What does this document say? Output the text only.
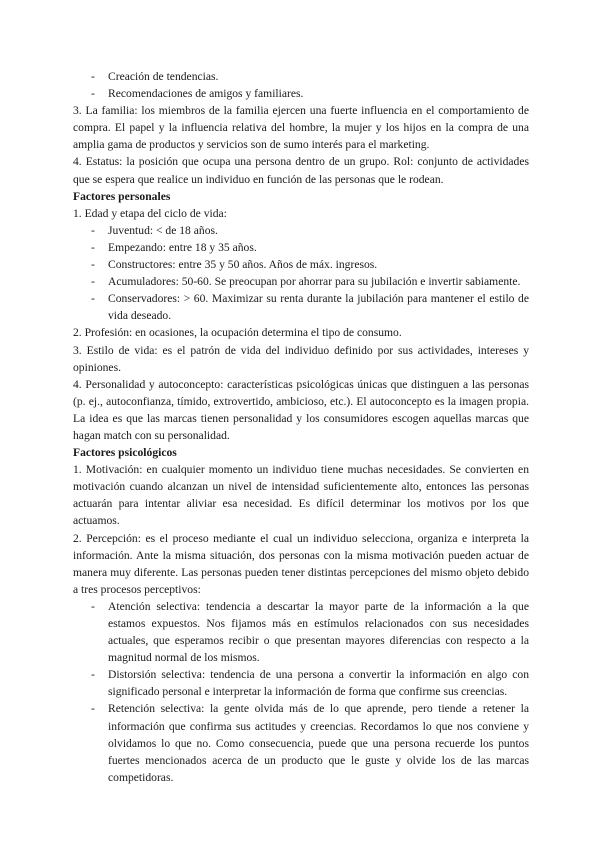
- Creación de tendencias.
- Recomendaciones de amigos y familiares.

3. La familia: los miembros de la familia ejercen una fuerte influencia en el comportamiento de compra. El papel y la influencia relativa del hombre, la mujer y los hijos en la compra de una amplia gama de productos y servicios son de sumo interés para el marketing.

4. Estatus: la posición que ocupa una persona dentro de un grupo. Rol: conjunto de actividades que se espera que realice un individuo en función de las personas que le rodean.

Factores personales

1. Edad y etapa del ciclo de vida:

- Juventud: < de 18 años.
- Empezando: entre 18 y 35 años.
- Constructores: entre 35 y 50 años. Años de máx. ingresos.
- Acumuladores: 50-60. Se preocupan por ahorrar para su jubilación e invertir sabiamente.
- Conservadores: > 60. Maximizar su renta durante la jubilación para mantener el estilo de vida deseado.

2. Profesión: en ocasiones, la ocupación determina el tipo de consumo.

3. Estilo de vida: es el patrón de vida del individuo definido por sus actividades, intereses y opiniones.

4. Personalidad y autoconcepto: características psicológicas únicas que distinguen a las personas (p. ej., autoconfianza, tímido, extrovertido, ambicioso, etc.). El autoconcepto es la imagen propia. La idea es que las marcas tienen personalidad y los consumidores escogen aquellas marcas que hagan match con su personalidad.

Factores psicológicos

1. Motivación: en cualquier momento un individuo tiene muchas necesidades. Se convierten en motivación cuando alcanzan un nivel de intensidad suficientemente alto, entonces las personas actuarán para intentar aliviar esa necesidad. Es difícil determinar los motivos por los que actuamos.

2. Percepción: es el proceso mediante el cual un individuo selecciona, organiza e interpreta la información. Ante la misma situación, dos personas con la misma motivación pueden actuar de manera muy diferente. Las personas pueden tener distintas percepciones del mismo objeto debido a tres procesos perceptivos:

- Atención selectiva: tendencia a descartar la mayor parte de la información a la que estamos expuestos. Nos fijamos más en estímulos relacionados con sus necesidades actuales, que esperamos recibir o que presentan mayores diferencias con respecto a la magnitud normal de los mismos.
- Distorsión selectiva: tendencia de una persona a convertir la información en algo con significado personal e interpretar la información de forma que confirme sus creencias.
- Retención selectiva: la gente olvida más de lo que aprende, pero tiende a retener la información que confirma sus actitudes y creencias. Recordamos lo que nos conviene y olvidamos lo que no. Como consecuencia, puede que una persona recuerde los puntos fuertes mencionados acerca de un producto que le guste y olvide los de las marcas competidoras.
